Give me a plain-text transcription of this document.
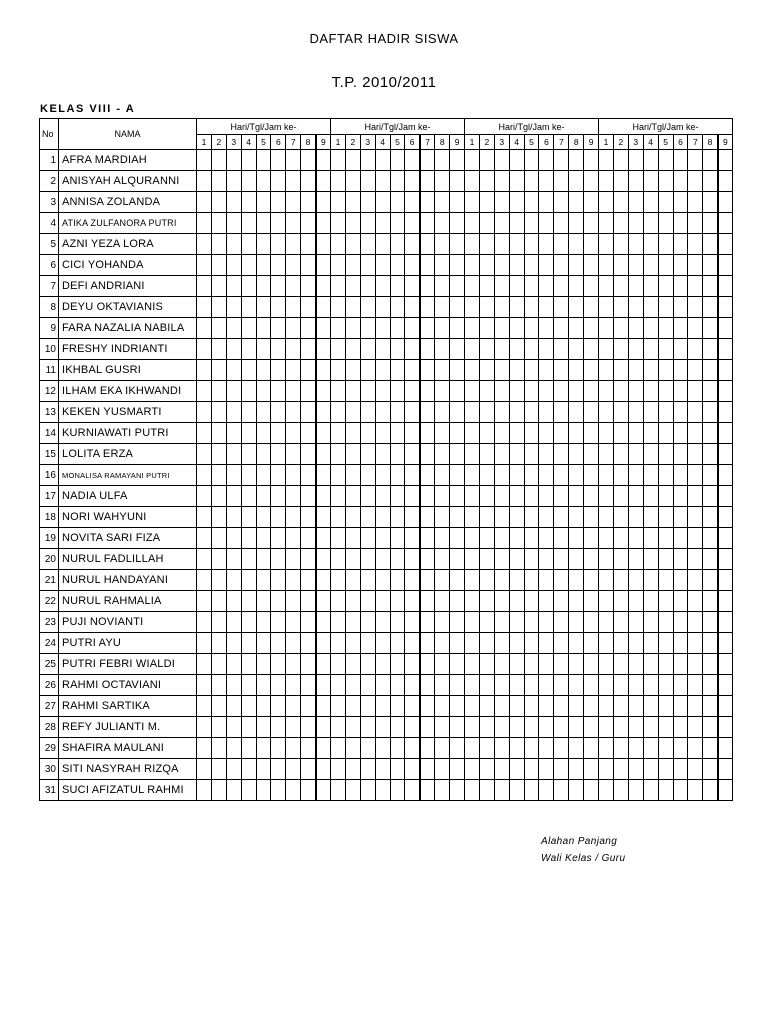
DAFTAR HADIR SISWA
T.P. 2010/2011
KELAS VIII - A
No	NAMA	Hari/Tgl/Jam ke-									Hari/Tgl/Jam ke-									Hari/Tgl/Jam ke-									Hari/Tgl/Jam ke-								
		1	2	3	4	5	6	7	8	9	1	2	3	4	5	6	7	8	9	1	2	3	4	5	6	7	8	9	1	2	3	4	5	6	7	8	9
1	AFRA MARDIAH																																				
2	ANISYAH ALQURANNI																																				
3	ANNISA ZOLANDA																																				
4	ATIKA ZULFANORA PUTRI																																				
5	AZNI YEZA LORA																																				
6	CICI YOHANDA																																				
7	DEFI ANDRIANI																																				
8	DEYU OKTAVIANIS																																				
9	FARA NAZALIA NABILA																																				
10	FRESHY INDRIANTI																																				
11	IKHBAL GUSRI																																				
12	ILHAM EKA IKHWANDI																																				
13	KEKEN YUSMARTI																																				
14	KURNIAWATI PUTRI																																				
15	LOLITA ERZA																																				
16	MONALISA RAMAYANI PUTRI																																				
17	NADIA ULFA																																				
18	NORI WAHYUNI																																				
19	NOVITA SARI FIZA																																				
20	NURUL FADLILLAH																																				
21	NURUL HANDAYANI																																				
22	NURUL RAHMALIA																																				
23	PUJI NOVIANTI																																				
24	PUTRI AYU																																				
25	PUTRI FEBRI WIALDI																																				
26	RAHMI OCTAVIANI																																				
27	RAHMI SARTIKA																																				
28	REFY JULIANTI M.																																				
29	SHAFIRA MAULANI																																				
30	SITI NASYRAH RIZQA																																				
31	SUCI AFIZATUL RAHMI																																				
Alahan Panjang
Wali Kelas / Guru
